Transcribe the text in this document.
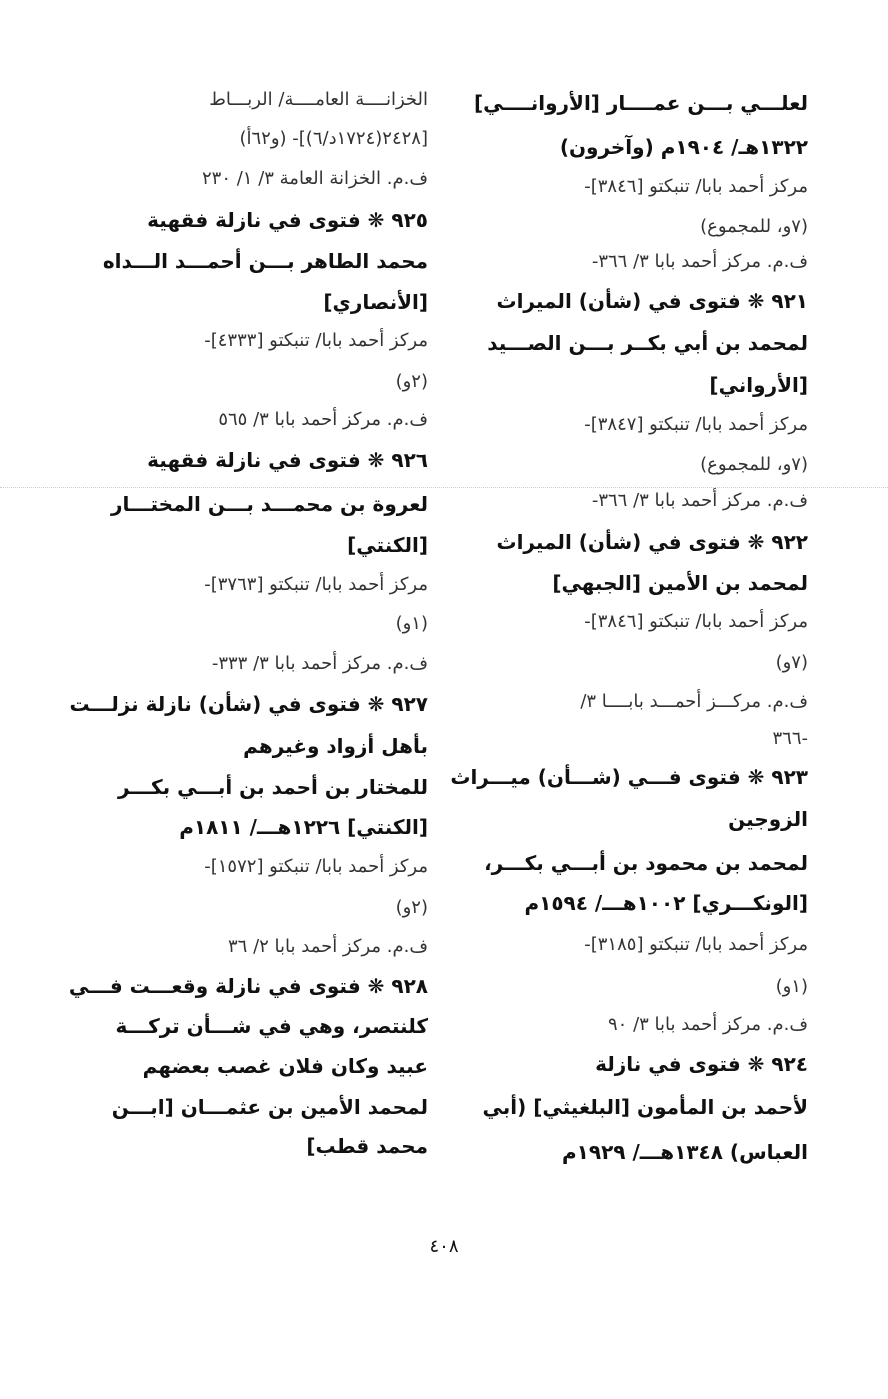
لعلـــي بـــن عمــــار [الأروانــــي]
١٣٢٢هـ/ ١٩٠٤م (وآخرون)
مركز أحمد بابا/ تنبكتو [٣٨٤٦]-
(٧و، للمجموع)
ف.م. مركز أحمد بابا ٣/ ٣٦٦-
٩٢١ ❋ فتوى في (شأن) الميراث
لمحمد بن أبي بكــر بـــن الصـــيد
[الأرواني]
مركز أحمد بابا/ تنبكتو [٣٨٤٧]-
(٧و، للمجموع)
ف.م. مركز أحمد بابا ٣/ ٣٦٦-
٩٢٢ ❋ فتوى في (شأن) الميراث
لمحمد بن الأمين [الجبهي]
مركز أحمد بابا/ تنبكتو [٣٨٤٦]-
(٧و)
ف.م. مركـــز أحمـــد بابــــا ٣/
-٣٦٦
٩٢٣ ❋ فتوى فـــي (شـــأن) ميـــراث
الزوجين
لمحمد بن محمود بن أبـــي بكـــر،
[الونكـــري] ١٠٠٢هـــ/ ١٥٩٤م
مركز أحمد بابا/ تنبكتو [٣١٨٥]-
(١و)
ف.م. مركز أحمد بابا ٣/ ٩٠
٩٢٤ ❋ فتوى في نازلة
لأحمد بن المأمون [البلغيثي] (أبي
العباس) ١٣٤٨هـــ/ ١٩٢٩م
الخزانــــة العامــــة/ الربـــاط
[٢٤٢٨(١٧٢٤د/٦)]- (و٦٢أ)
ف.م. الخزانة العامة ٣/ ١/ ٢٣٠
٩٢٥ ❋ فتوى في نازلة فقهية
محمد الطاهر بـــن أحمـــد الـــداه
[الأنصاري]
مركز أحمد بابا/ تنبكتو [٤٣٣٣]-
(٢و)
ف.م. مركز أحمد بابا ٣/ ٥٦٥
٩٢٦ ❋ فتوى في نازلة فقهية
لعروة بن محمـــد بـــن المختـــار
[الكنتي]
مركز أحمد بابا/ تنبكتو [٣٧٦٣]-
(١و)
ف.م. مركز أحمد بابا ٣/ ٣٣٣-
٩٢٧ ❋ فتوى في (شأن) نازلة نزلـــت
بأهل أزواد وغيرهم
للمختار بن أحمد بن أبـــي بكـــر
[الكنتي] ١٢٢٦هـــ/ ١٨١١م
مركز أحمد بابا/ تنبكتو [١٥٧٢]-
(٢و)
ف.م. مركز أحمد بابا ٢/ ٣٦
٩٢٨ ❋ فتوى في نازلة وقعـــت فـــي
كلنتصر، وهي في شـــأن تركـــة
عبيد وكان فلان غصب بعضهم
لمحمد الأمين بن عثمـــان [ابـــن
محمد قطب]
٤٠٨
